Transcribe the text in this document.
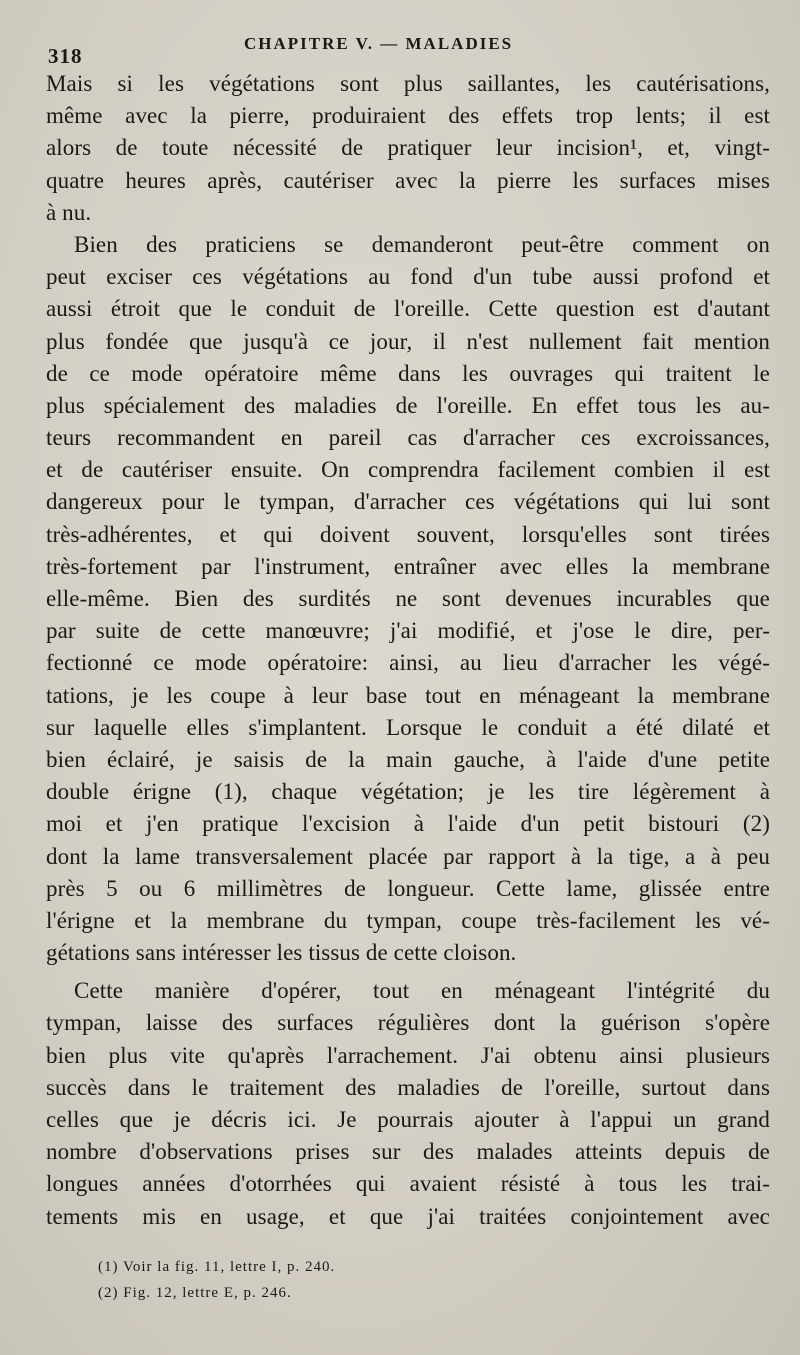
318
CHAPITRE V. — MALADIES
Mais si les végétations sont plus saillantes, les cautérisations,
même avec la pierre, produiraient des effets trop lents; il est
alors de toute nécessité de pratiquer leur incision¹, et, vingt-
quatre heures après, cautériser avec la pierre les surfaces mises
à nu.
Bien des praticiens se demanderont peut-être comment on
peut exciser ces végétations au fond d'un tube aussi profond et
aussi étroit que le conduit de l'oreille. Cette question est d'autant
plus fondée que jusqu'à ce jour, il n'est nullement fait mention
de ce mode opératoire même dans les ouvrages qui traitent le
plus spécialement des maladies de l'oreille. En effet tous les au-
teurs recommandent en pareil cas d'arracher ces excroissances,
et de cautériser ensuite. On comprendra facilement combien il est
dangereux pour le tympan, d'arracher ces végétations qui lui sont
très-adhérentes, et qui doivent souvent, lorsqu'elles sont tirées
très-fortement par l'instrument, entraîner avec elles la membrane
elle-même. Bien des surdités ne sont devenues incurables que
par suite de cette manœuvre; j'ai modifié, et j'ose le dire, per-
fectionné ce mode opératoire: ainsi, au lieu d'arracher les végé-
tations, je les coupe à leur base tout en ménageant la membrane
sur laquelle elles s'implantent. Lorsque le conduit a été dilaté et
bien éclairé, je saisis de la main gauche, à l'aide d'une petite
double érigne (1), chaque végétation; je les tire légèrement à
moi et j'en pratique l'excision à l'aide d'un petit bistouri (2)
dont la lame transversalement placée par rapport à la tige, a à peu
près 5 ou 6 millimètres de longueur. Cette lame, glissée entre
l'érigne et la membrane du tympan, coupe très-facilement les vé-
gétations sans intéresser les tissus de cette cloison.
Cette manière d'opérer, tout en ménageant l'intégrité du
tympan, laisse des surfaces régulières dont la guérison s'opère
bien plus vite qu'après l'arrachement. J'ai obtenu ainsi plusieurs
succès dans le traitement des maladies de l'oreille, surtout dans
celles que je décris ici. Je pourrais ajouter à l'appui un grand
nombre d'observations prises sur des malades atteints depuis de
longues années d'otorrhées qui avaient résisté à tous les trai-
tements mis en usage, et que j'ai traitées conjointement avec
(1) Voir la fig. 11, lettre I, p. 240.
(2) Fig. 12, lettre E, p. 246.
